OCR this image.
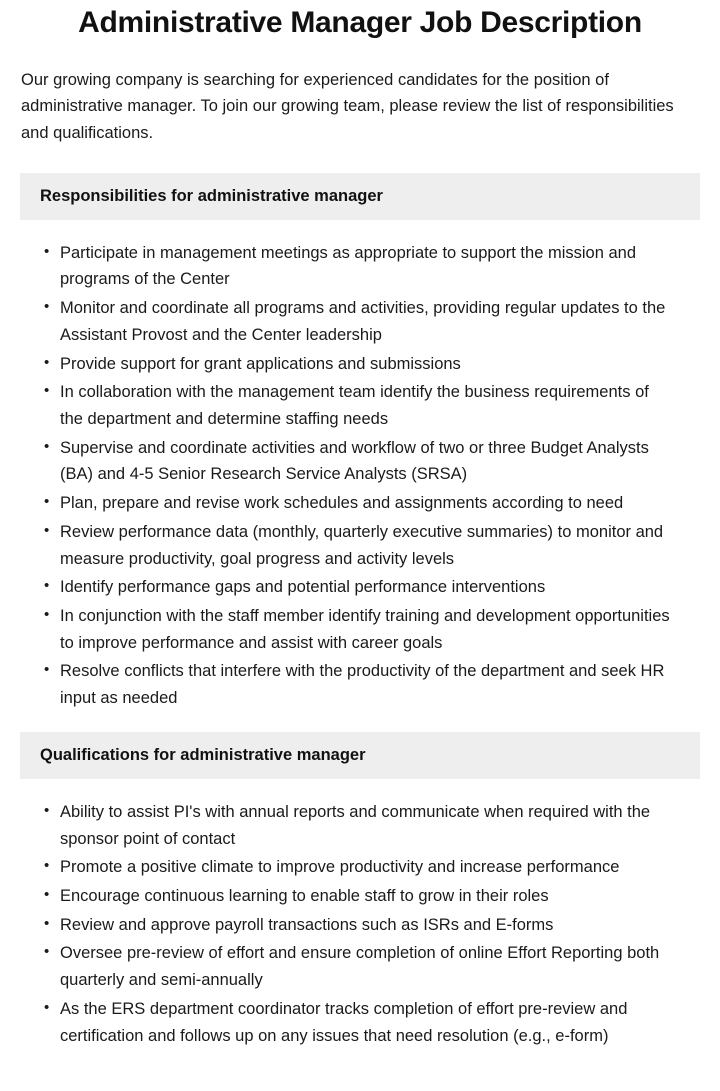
Administrative Manager Job Description

Our growing company is searching for experienced candidates for the position of administrative manager. To join our growing team, please review the list of responsibilities and qualifications.

Responsibilities for administrative manager
• Participate in management meetings as appropriate to support the mission and programs of the Center
• Monitor and coordinate all programs and activities, providing regular updates to the Assistant Provost and the Center leadership
• Provide support for grant applications and submissions
• In collaboration with the management team identify the business requirements of the department and determine staffing needs
• Supervise and coordinate activities and workflow of two or three Budget Analysts (BA) and 4-5 Senior Research Service Analysts (SRSA)
• Plan, prepare and revise work schedules and assignments according to need
• Review performance data (monthly, quarterly executive summaries) to monitor and measure productivity, goal progress and activity levels
• Identify performance gaps and potential performance interventions
• In conjunction with the staff member identify training and development opportunities to improve performance and assist with career goals
• Resolve conflicts that interfere with the productivity of the department and seek HR input as needed
Qualifications for administrative manager
• Ability to assist PI's with annual reports and communicate when required with the sponsor point of contact
• Promote a positive climate to improve productivity and increase performance
• Encourage continuous learning to enable staff to grow in their roles
• Review and approve payroll transactions such as ISRs and E-forms
• Oversee pre-review of effort and ensure completion of online Effort Reporting both quarterly and semi-annually
• As the ERS department coordinator tracks completion of effort pre-review and certification and follows up on any issues that need resolution (e.g., e-form)
